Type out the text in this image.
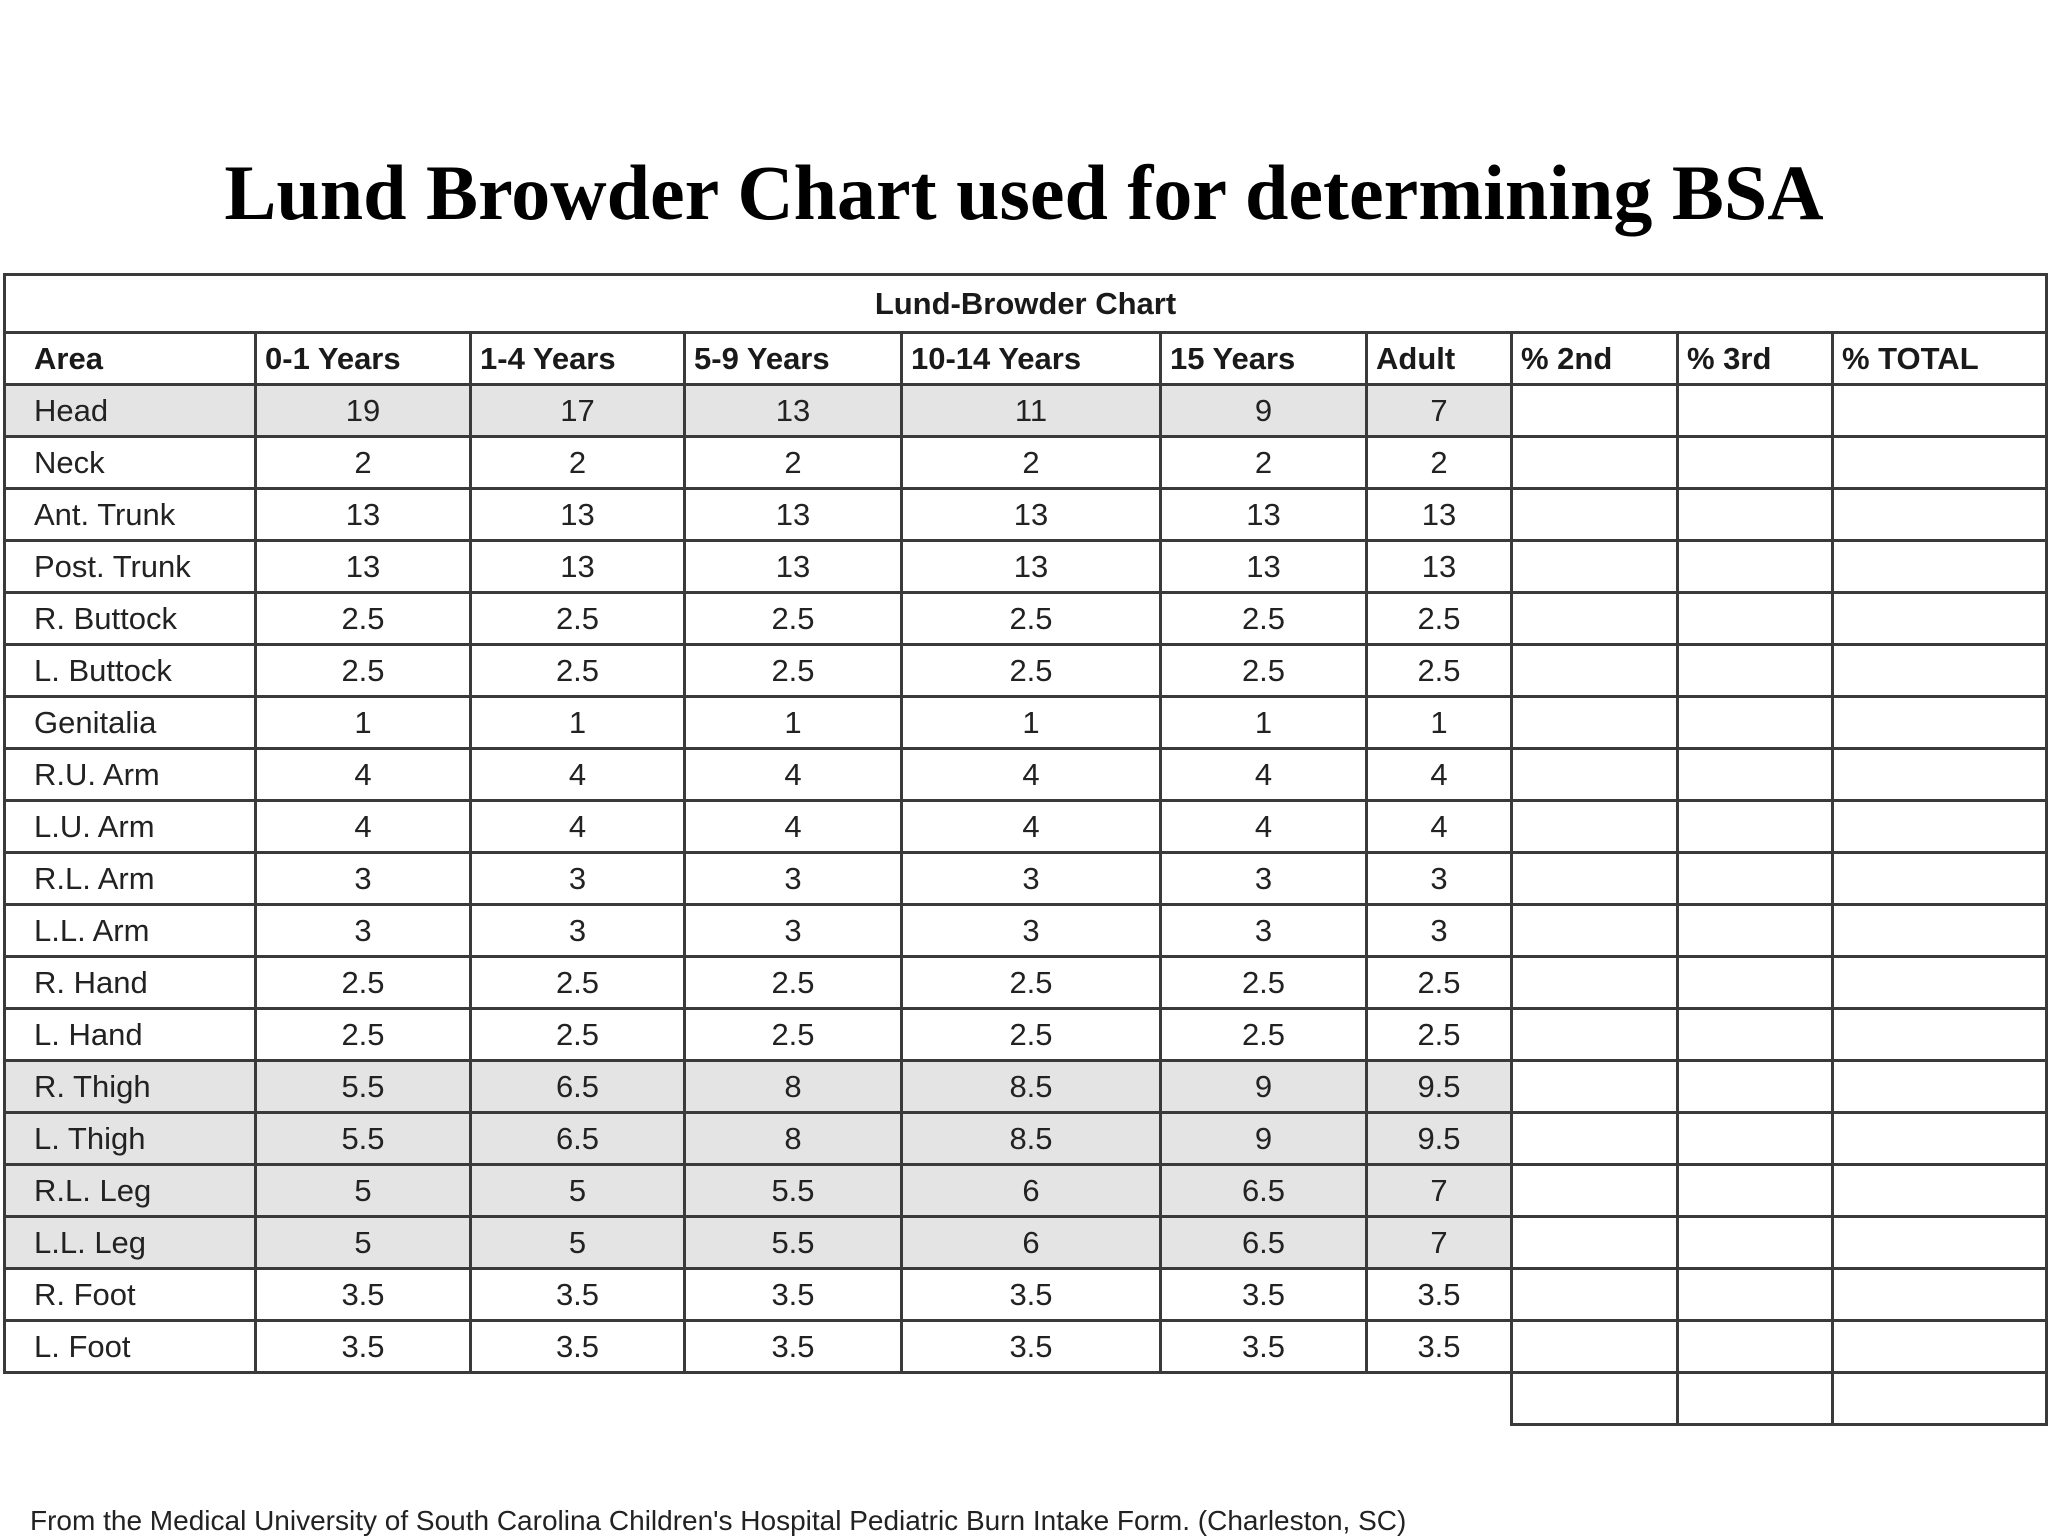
Lund Browder Chart used for determining BSA
Lund-Browder Chart									
Area	0-1 Years	1-4 Years	5-9 Years	10-14 Years	15 Years	Adult	% 2nd	% 3rd	% TOTAL
Head	19	17	13	11	9	7			
Neck	2	2	2	2	2	2			
Ant. Trunk	13	13	13	13	13	13			
Post. Trunk	13	13	13	13	13	13			
R. Buttock	2.5	2.5	2.5	2.5	2.5	2.5			
L. Buttock	2.5	2.5	2.5	2.5	2.5	2.5			
Genitalia	1	1	1	1	1	1			
R.U. Arm	4	4	4	4	4	4			
L.U. Arm	4	4	4	4	4	4			
R.L. Arm	3	3	3	3	3	3			
L.L. Arm	3	3	3	3	3	3			
R. Hand	2.5	2.5	2.5	2.5	2.5	2.5			
L. Hand	2.5	2.5	2.5	2.5	2.5	2.5			
R. Thigh	5.5	6.5	8	8.5	9	9.5			
L. Thigh	5.5	6.5	8	8.5	9	9.5			
R.L. Leg	5	5	5.5	6	6.5	7			
L.L. Leg	5	5	5.5	6	6.5	7			
R. Foot	3.5	3.5	3.5	3.5	3.5	3.5			
L. Foot	3.5	3.5	3.5	3.5	3.5	3.5			

From the Medical University of South Carolina Children's Hospital Pediatric Burn Intake Form. (Charleston, SC)
